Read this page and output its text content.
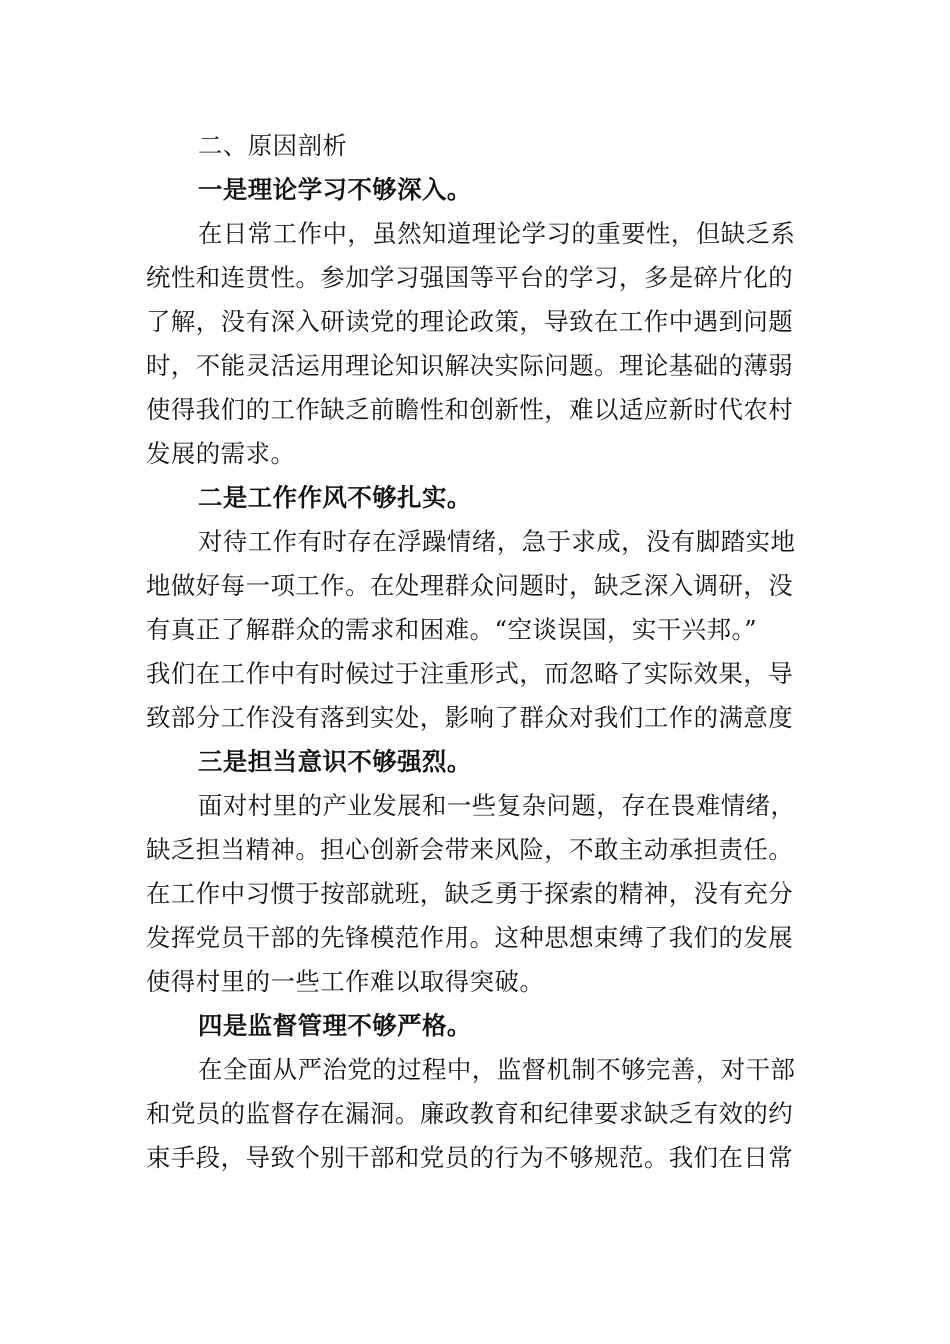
二、原因剖析

一是理论学习不够深入。

在日常工作中，虽然知道理论学习的重要性，但缺乏系

统性和连贯性。参加学习强国等平台的学习，多是碎片化的

了解，没有深入研读党的理论政策，导致在工作中遇到问题

时，不能灵活运用理论知识解决实际问题。理论基础的薄弱

使得我们的工作缺乏前瞻性和创新性，难以适应新时代农村

发展的需求。

二是工作作风不够扎实。

对待工作有时存在浮躁情绪，急于求成，没有脚踏实地

地做好每一项工作。在处理群众问题时，缺乏深入调研，没

有真正了解群众的需求和困难。“空谈误国，实干兴邦。”

我们在工作中有时候过于注重形式，而忽略了实际效果，导

致部分工作没有落到实处，影响了群众对我们工作的满意度

三是担当意识不够强烈。

面对村里的产业发展和一些复杂问题，存在畏难情绪，

缺乏担当精神。担心创新会带来风险，不敢主动承担责任。

在工作中习惯于按部就班，缺乏勇于探索的精神，没有充分

发挥党员干部的先锋模范作用。这种思想束缚了我们的发展

使得村里的一些工作难以取得突破。

四是监督管理不够严格。

在全面从严治党的过程中，监督机制不够完善，对干部

和党员的监督存在漏洞。廉政教育和纪律要求缺乏有效的约

束手段，导致个别干部和党员的行为不够规范。我们在日常
